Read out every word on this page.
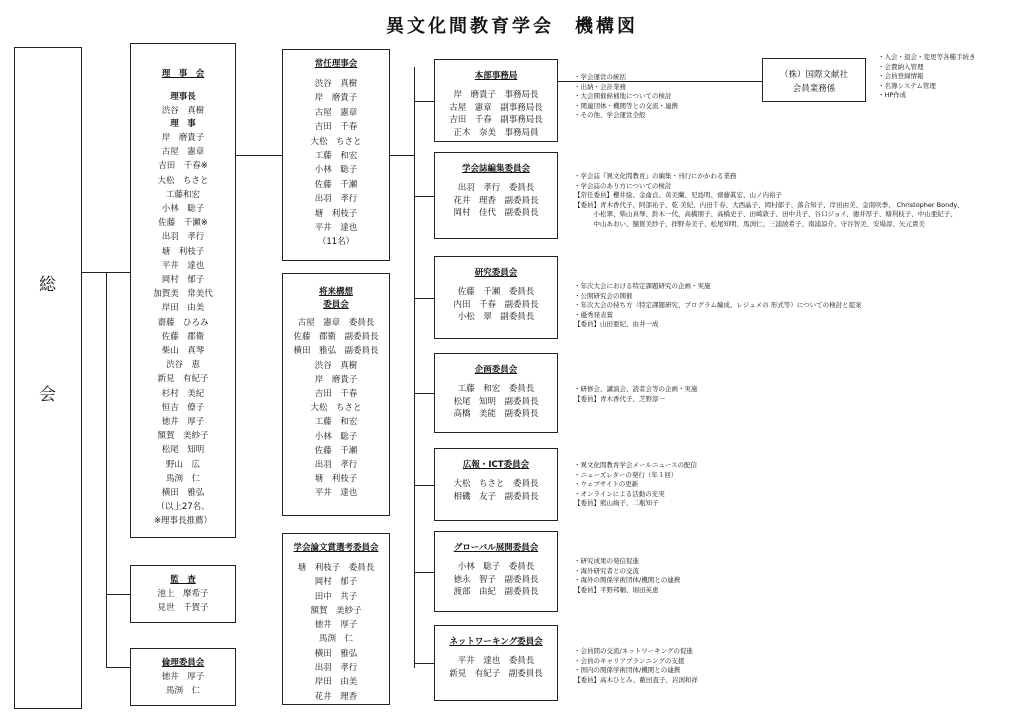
異文化間教育学会　機構図
総
会
理　事　会
理事長
渋谷　真樹
理　事
岸　磨貴子
古屋　憲章
吉田　千春※
大松　ちさと
工藤和宏
小林　聡子
佐藤　千瀬※
出羽　孝行
塘　利枝子
平井　達也
岡村　郁子
加賀美　常美代
岸田　由美
齋藤　ひろみ
佐藤　郡衛
柴山　真琴
渋谷　恵
新見　有紀子
杉村　美紀
恒吉　僚子
徳井　厚子
額賀　美紗子
松尾　知明
野山　広
馬渕　仁
横田　雅弘
（以上27名、
※理事長推薦）
監　査
池上　摩希子
見世　千賀子
倫理委員会
徳井　厚子
馬渕　仁
常任理事会
渋谷　真樹
岸　磨貴子
古屋　憲章
吉田　千春
大松　ちさと
工藤　和宏
小林　聡子
佐藤　千瀬
出羽　孝行
塘　利枝子
平井　達也
（11名）
将来構想
委員会
古屋　憲章　委員長
佐藤　郡衛　副委員長
横田　雅弘　副委員長
渋谷　真樹
岸　磨貴子
吉田　千春
大松　ちさと
工藤　和宏
小林　聡子
佐藤　千瀬
出羽　孝行
塘　利枝子
平井　達也
学会論文賞選考委員会
塘　利枝子　委員長
岡村　郁子
田中　共子
額賀　美紗子
徳井　厚子
馬渕　仁
横田　雅弘
出羽　孝行
岸田　由美
花井　理香
本部事務局
岸　磨貴子　事務局長
古屋　憲章　副事務局長
吉田　千春　副事務局長
正木　奈美　事務局員
・学会運営の統括
・出納・会計業務
・大会開催候補地についての検討
・関連団体・機関等との交流・連携
・その他、学会運営全般
学会誌編集委員会
出羽　孝行　委員長
花井　理香　副委員長
岡村　佳代　副委員長
・学会誌『異文化間教育』の編集・刊行にかかわる業務
・学会誌のあり方についての検討
【常任委員】櫻井絵、金侖貞、黄美蘭、児島明、齋藤眞宏、山ノ内裕子
【委員】青木香代子、阿部祐子、乾 美紀、内田千春、大西晶子、岡村郁子、落合知子、岸田由美、金南咲季、 Christopher Bondy、
　　　小松翠、柴山真琴、鈴木一代、高橋朋子、高橋史子、田崎敦子、田中共子、谷口ジョイ、徳井厚子、塘利枝子、中山亜紀子、
　　　中山あおい、額賀美紗子、拝野寿美子、松尾知明、馬渕仁、三浦綾希子、南浦涼介、守谷智美、安場淳、矢元貴美
研究委員会
佐藤　千瀬　委員長
内田　千春　副委員長
小松　翠　副委員長
・年次大会における特定課題研究の企画・実施
・公開研究会の開催
・年次大会の持ち方（特定課題研究、プログラム編成、レジュメの 形式等）についての検討と提案
・優秀発表賞
【委員】山田亜紀、由井一成
企画委員会
工藤　和宏　委員長
松尾　知明　副委員長
高橋　美能　副委員長
・研修会、講演会、読者会等の企画・実施
【委員】青木香代子、芝野淳一
広報・ICT委員会
大松　ちさと　委員長
相磯　友子　副委員長
・異文化間教育学会メールニュースの配信
・ニューズレターの発行（年１回）
・ウェブサイトの更新
・オンラインによる活動の充実
【委員】熊山絢子、二瓶知子
グローバル展開委員会
小林　聡子　委員長
徳永　智子　副委員長
渡部　由紀　副委員長
・研究成果の発信促進
・海外研究者との交流
・海外の関係学術団体/機関との連携
【委員】平野邦輔、堀田英恵
ネットワーキング委員会
平井　達也　委員長
新見　有紀子　副委員長
・会員間の交流/ネットワーキングの促進
・会員のキャリアプランニングの支援
・国内の関係学術団体/機関との連携
【委員】高木ひとみ、藪田直子、岩渕和祥
（株）国際文献社
会員業務係
・入会・退会・変更等各種手続き
・会費納入管理
・会員登録情報
・名簿システム管理
・HP作成
